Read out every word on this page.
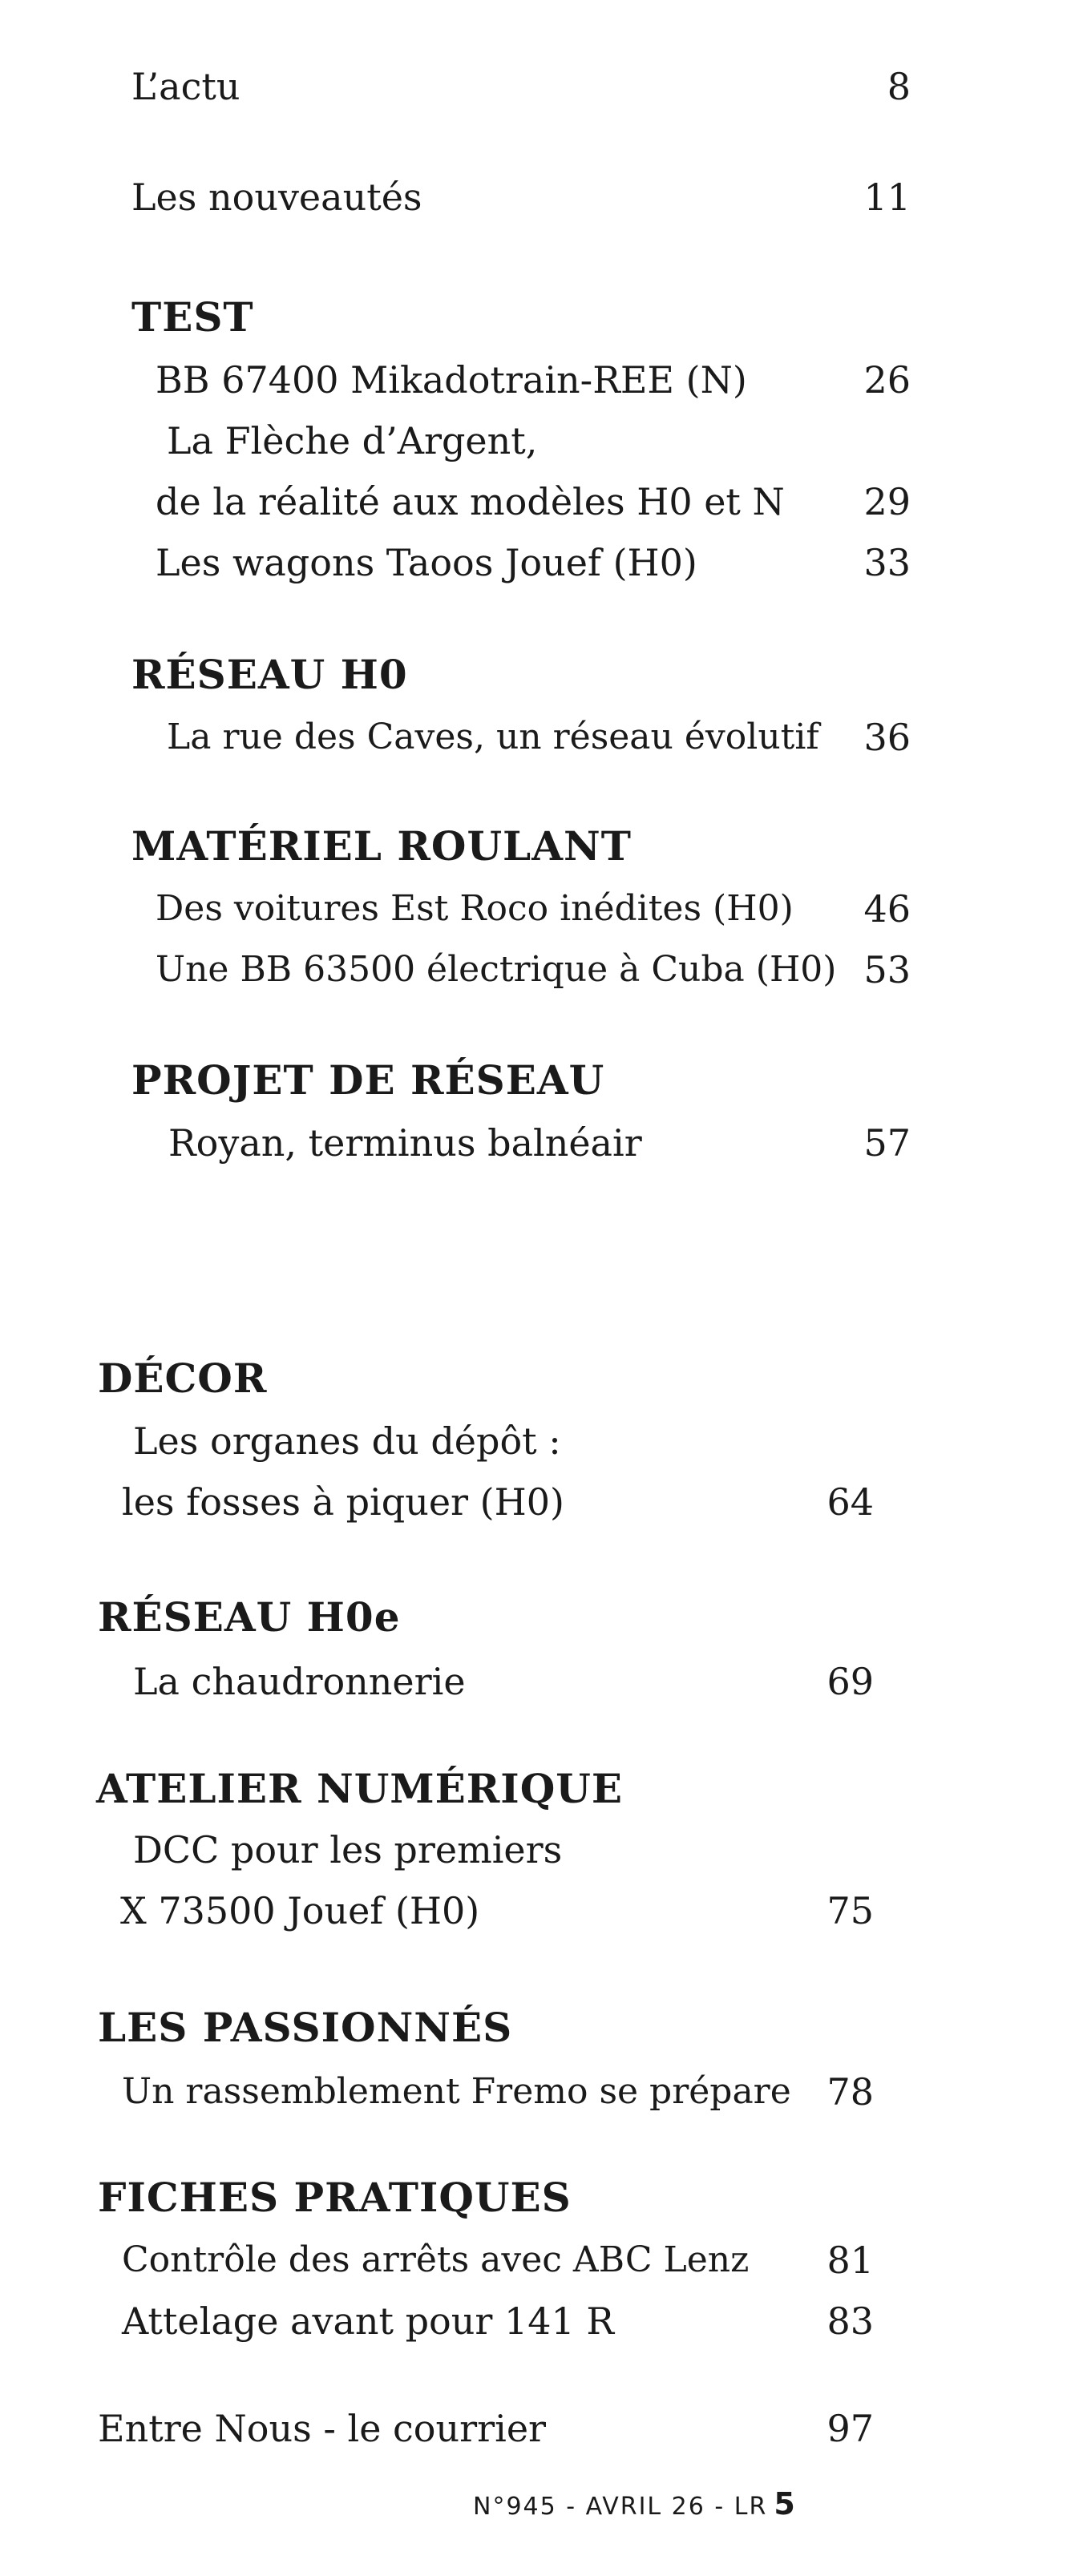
L’actu	8
Les nouveautés	11
TEST
BB 67400 Mikadotrain-REE (N)	26
La Flèche d’Argent,
de la réalité aux modèles H0 et N 29
Les wagons Taoos Jouef (H0)	33
RÉSEAU H0
La rue des Caves, un réseau évolutif 36
MATÉRIEL ROULANT
Des voitures Est Roco inédites (H0) 46
Une BB 63500 électrique à Cuba (H0) 53
PROJET DE RÉSEAU
Royan, terminus balnéair	57
DÉCOR
Les organes du dépôt :
les fosses à piquer (H0)	64
RÉSEAU H0e
La chaudronnerie	69
ATELIER NUMÉRIQUE
DCC pour les premiers
X 73500 Jouef (H0)	75
LES PASSIONNÉS
Un rassemblement Fremo se prépare 78
FICHES PRATIQUES
Contrôle des arrêts avec ABC Lenz 81
Attelage avant pour 141 R	83
Entre Nous - le courrier	97
N°945 - AVRIL 26 - LR 5
